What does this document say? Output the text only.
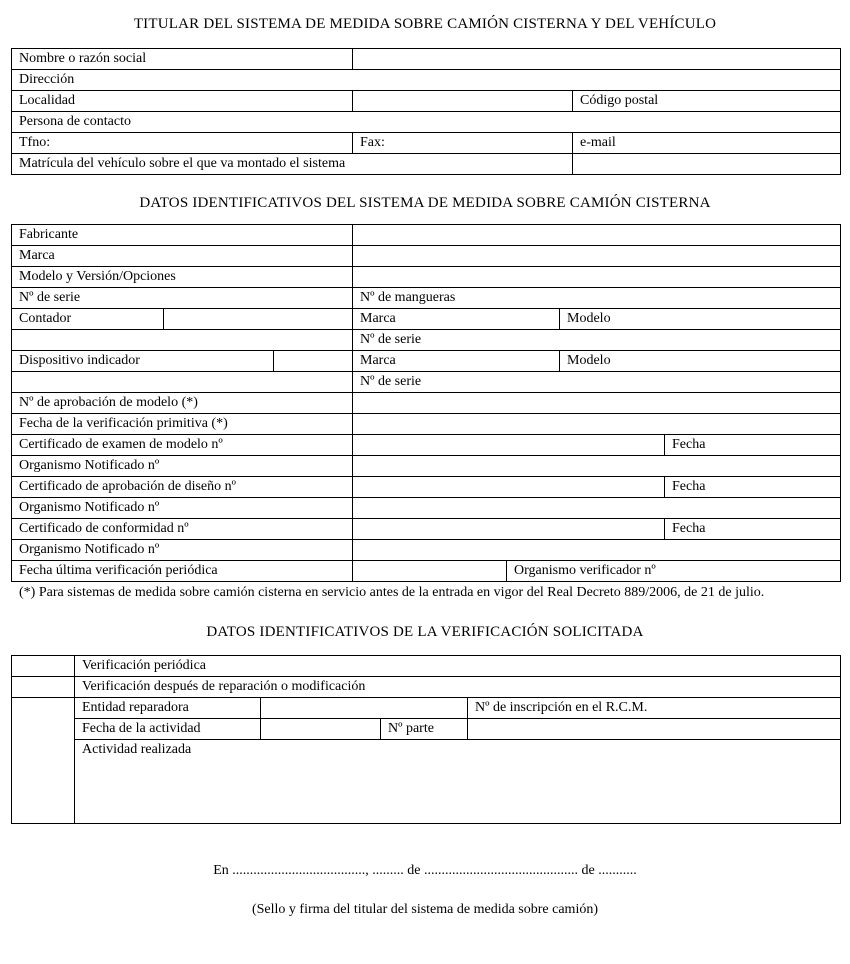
TITULAR DEL SISTEMA DE MEDIDA SOBRE CAMIÓN CISTERNA Y DEL VEHÍCULO
Nombre o razón social		
Dirección		
Localidad		Código postal
Persona de contacto		
Tfno:	Fax:	e-mail
Matrícula del vehículo sobre el que va montado el sistema		
DATOS IDENTIFICATIVOS DEL SISTEMA DE MEDIDA SOBRE CAMIÓN CISTERNA
Fabricante						
Marca						
Modelo y Versión/Opciones						
Nº de serie			Nº de mangueras			
Contador			Marca		Modelo	
			Nº de serie			
Dispositivo indicador			Marca		Modelo	
			Nº de serie			
Nº de aprobación de modelo (*)						
Fecha de la verificación primitiva (*)						
Certificado de examen de modelo nº						Fecha
Organismo Notificado nº						
Certificado de aprobación de diseño nº						Fecha
Organismo Notificado nº						
Certificado de conformidad nº						Fecha
Organismo Notificado nº						
Fecha última verificación periódica				Organismo verificador nº		
(*) Para sistemas de medida sobre camión cisterna en servicio antes de la entrada en vigor del Real Decreto 889/2006, de 21 de julio.
DATOS IDENTIFICATIVOS DE LA VERIFICACIÓN SOLICITADA
	Verificación periódica			
	Verificación después de reparación o modificación			
	Entidad reparadora			Nº de inscripción en el R.C.M.
	Fecha de la actividad		Nº parte	
	Actividad realizada			
En ......................................, ......... de ............................................ de ...........
(Sello y firma del titular del sistema de medida sobre camión)
